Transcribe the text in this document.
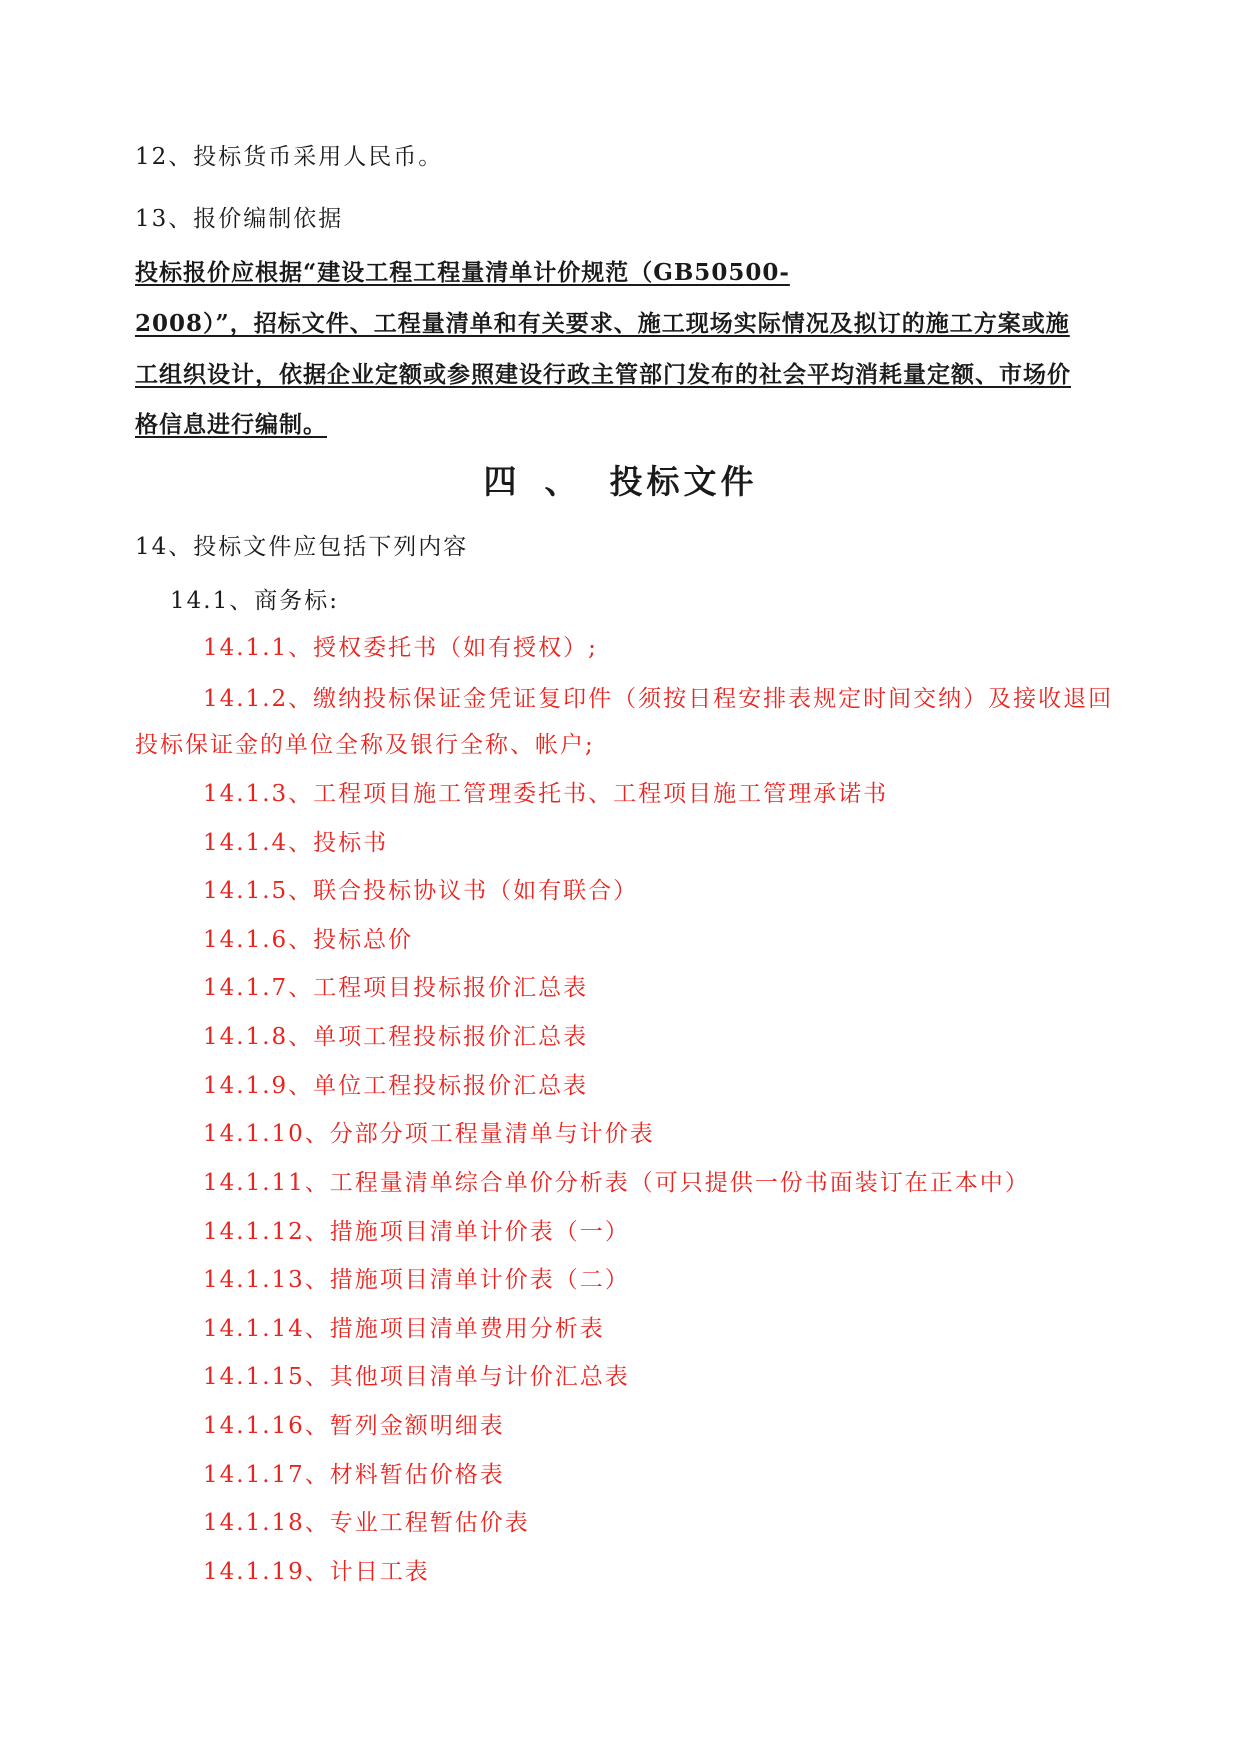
12、投标货币采用人民币。
13、报价编制依据
投标报价应根据“建设工程工程量清单计价规范（GB50500-
2008）”，招标文件、工程量清单和有关要求、施工现场实际情况及拟订的施工方案或施
工组织设计，依据企业定额或参照建设行政主管部门发布的社会平均消耗量定额、市场价
格信息进行编制。
四 、 投标文件
14、投标文件应包括下列内容
14.1、商务标:
14.1.1、授权委托书（如有授权）;
14.1.2、缴纳投标保证金凭证复印件（须按日程安排表规定时间交纳）及接收退回
投标保证金的单位全称及银行全称、帐户;
14.1.3、工程项目施工管理委托书、工程项目施工管理承诺书
14.1.4、投标书
14.1.5、联合投标协议书（如有联合）
14.1.6、投标总价
14.1.7、工程项目投标报价汇总表
14.1.8、单项工程投标报价汇总表
14.1.9、单位工程投标报价汇总表
14.1.10、分部分项工程量清单与计价表
14.1.11、工程量清单综合单价分析表（可只提供一份书面装订在正本中）
14.1.12、措施项目清单计价表（一）
14.1.13、措施项目清单计价表（二）
14.1.14、措施项目清单费用分析表
14.1.15、其他项目清单与计价汇总表
14.1.16、暂列金额明细表
14.1.17、材料暂估价格表
14.1.18、专业工程暂估价表
14.1.19、计日工表
